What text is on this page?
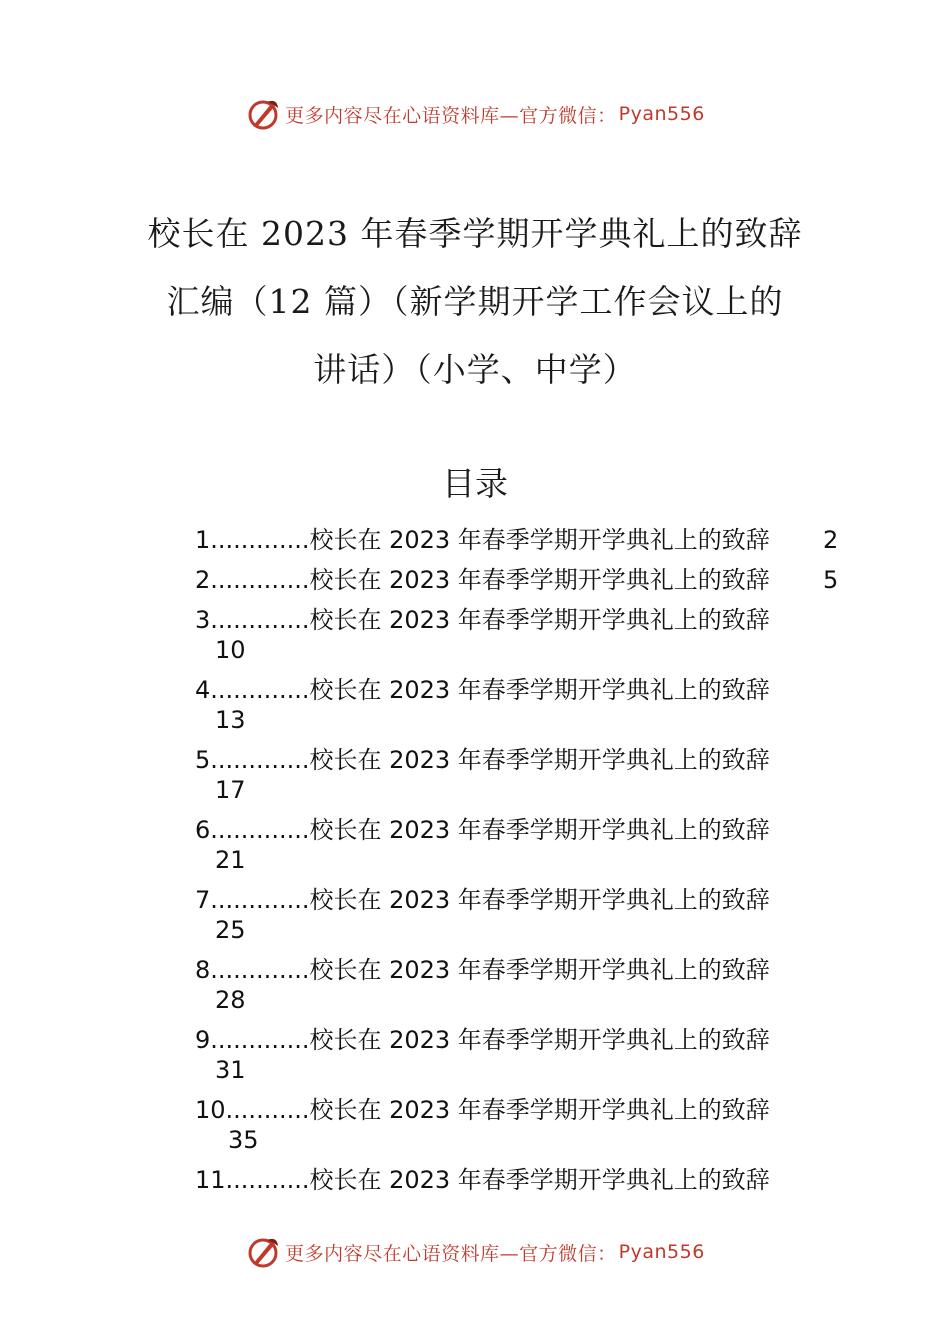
更多内容尽在心语资料库—官方微信： Pyan556
校长在 2023 年春季学期开学典礼上的致辞
汇编（12 篇）（新学期开学工作会议上的
讲话）（小学、中学）
目录
1.............校长在 2023 年春季学期开学典礼上的致辞 2
2.............校长在 2023 年春季学期开学典礼上的致辞 5
3.............校长在 2023 年春季学期开学典礼上的致辞
10
4.............校长在 2023 年春季学期开学典礼上的致辞
13
5.............校长在 2023 年春季学期开学典礼上的致辞
17
6.............校长在 2023 年春季学期开学典礼上的致辞
21
7.............校长在 2023 年春季学期开学典礼上的致辞
25
8.............校长在 2023 年春季学期开学典礼上的致辞
28
9.............校长在 2023 年春季学期开学典礼上的致辞
31
10...........校长在 2023 年春季学期开学典礼上的致辞
35
11...........校长在 2023 年春季学期开学典礼上的致辞
更多内容尽在心语资料库—官方微信： Pyan556
